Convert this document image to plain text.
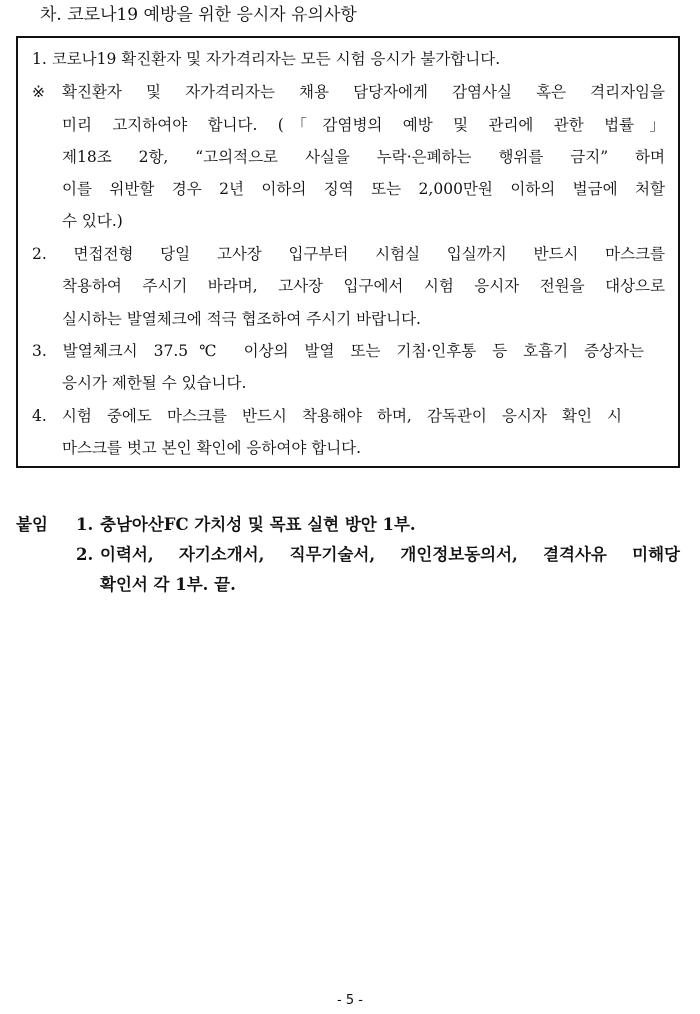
차. 코로나19 예방을 위한 응시자 유의사항
1. 코로나19 확진환자 및 자가격리자는 모든 시험 응시가 불가합니다.
※ 확진환자 및 자가격리자는 채용 담당자에게 감염사실 혹은 격리자임을
미리 고지하여야 합니다. (「감염병의 예방 및 관리에 관한 법률」
제18조 2항, “고의적으로 사실을 누락·은폐하는 행위를 금지” 하며
이를 위반할 경우 2년 이하의 징역 또는 2,000만원 이하의 벌금에 처할
수 있다.)
2. 면접전형 당일 고사장 입구부터 시험실 입실까지 반드시 마스크를
착용하여 주시기 바라며, 고사장 입구에서 시험 응시자 전원을 대상으로
실시하는 발열체크에 적극 협조하여 주시기 바랍니다.
3. 발열체크시 37.5℃ 이상의 발열 또는 기침·인후통 등 호흡기 증상자는
응시가 제한될 수 있습니다.
4. 시험 중에도 마스크를 반드시 착용해야 하며, 감독관이 응시자 확인 시
마스크를 벗고 본인 확인에 응하여야 합니다.
붙임 1. 충남아산FC 가치성 및 목표 실현 방안 1부.
2. 이력서, 자기소개서, 직무기술서, 개인정보동의서, 결격사유 미해당
확인서 각 1부. 끝.
- 5 -
